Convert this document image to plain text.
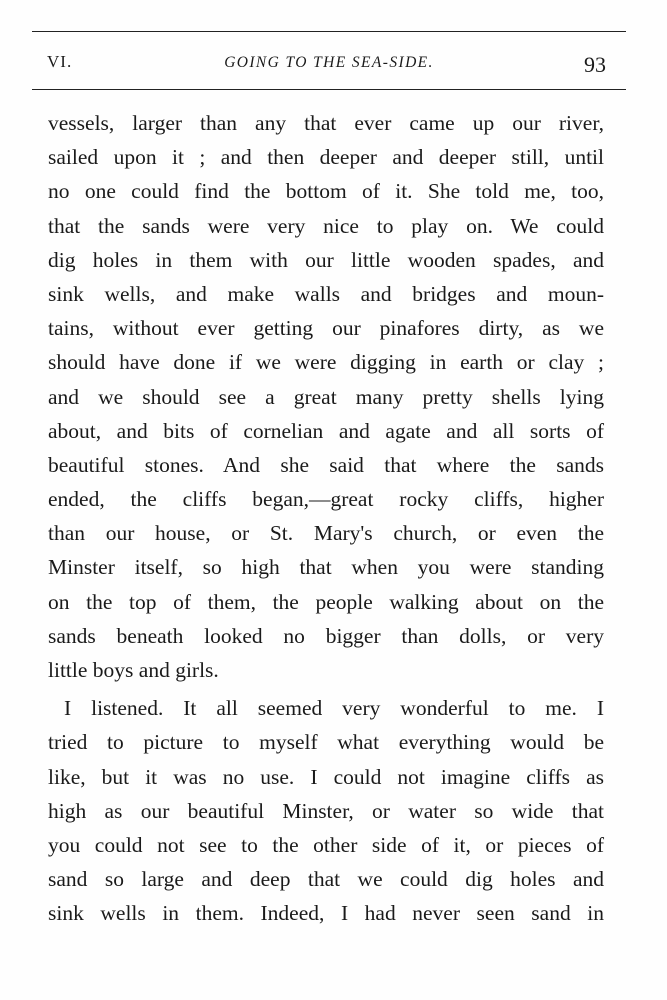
VI.	GOING TO THE SEA-SIDE.	93
vessels, larger than any that ever came up our river,
sailed upon it ; and then deeper and deeper still, until
no one could find the bottom of it. She told me, too,
that the sands were very nice to play on. We could
dig holes in them with our little wooden spades, and
sink wells, and make walls and bridges and moun-
tains, without ever getting our pinafores dirty, as we
should have done if we were digging in earth or clay ;
and we should see a great many pretty shells lying
about, and bits of cornelian and agate and all sorts of
beautiful stones. And she said that where the sands
ended, the cliffs began,—great rocky cliffs, higher
than our house, or St. Mary's church, or even the
Minster itself, so high that when you were standing
on the top of them, the people walking about on the
sands beneath looked no bigger than dolls, or very
little boys and girls.
I listened. It all seemed very wonderful to me. I
tried to picture to myself what everything would be
like, but it was no use. I could not imagine cliffs as
high as our beautiful Minster, or water so wide that
you could not see to the other side of it, or pieces of
sand so large and deep that we could dig holes and
sink wells in them. Indeed, I had never seen sand in
